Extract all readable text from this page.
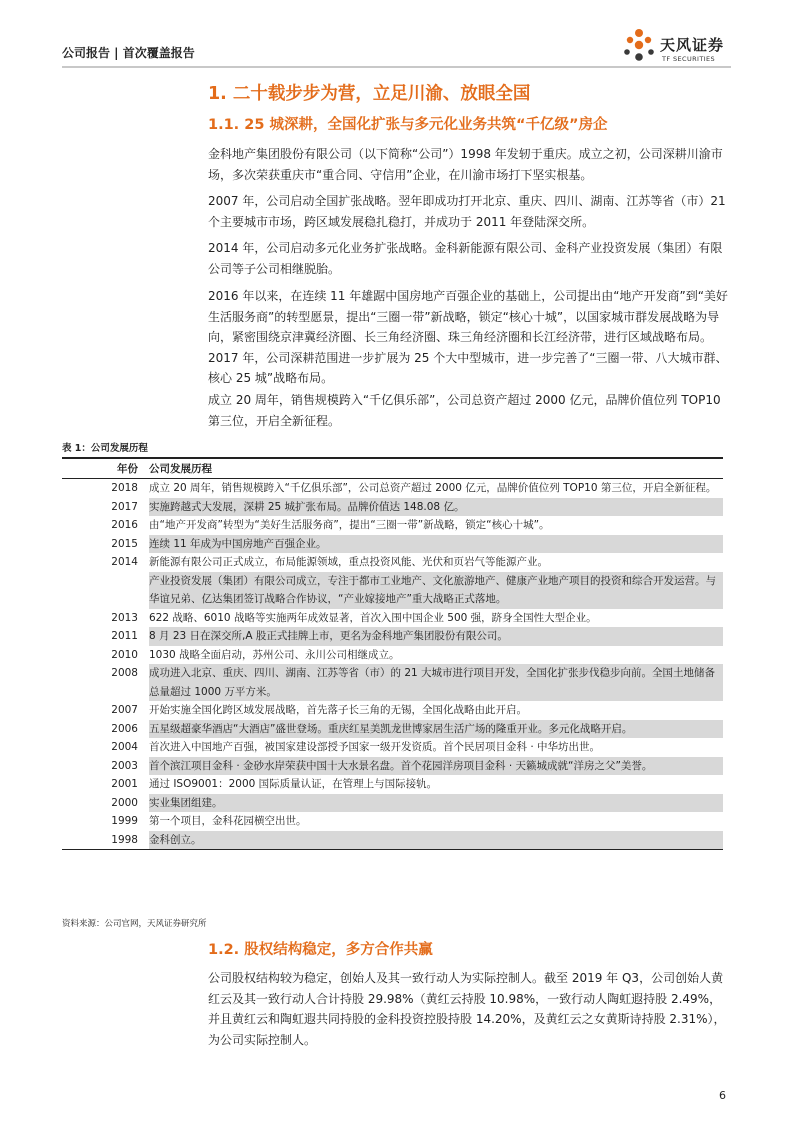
公司报告 | 首次覆盖报告	天风证券
TF SECURITIES
1. 二十载步步为营，立足川渝、放眼全国
1.1. 25 城深耕，全国化扩张与多元化业务共筑“千亿级”房企

金科地产集团股份有限公司（以下简称“公司”）1998 年发轫于重庆。成立之初，公司深耕川渝市场，多次荣获重庆市“重合同、守信用”企业，在川渝市场打下坚实根基。

2007 年，公司启动全国扩张战略。翌年即成功打开北京、重庆、四川、湖南、江苏等省（市）21 个主要城市市场，跨区域发展稳扎稳打，并成功于 2011 年登陆深交所。

2014 年，公司启动多元化业务扩张战略。金科新能源有限公司、金科产业投资发展（集团）有限公司等子公司相继脱胎。

2016 年以来，在连续 11 年雄踞中国房地产百强企业的基础上，公司提出由“地产开发商”到“美好生活服务商”的转型愿景，提出“三圈一带”新战略，锁定“核心十城”，以国家城市群发展战略为导向，紧密围绕京津冀经济圈、长三角经济圈、珠三角经济圈和长江经济带，进行区域战略布局。2017 年，公司深耕范围进一步扩展为 25 个大中型城市，进一步完善了“三圈一带、八大城市群、核心 25 城”战略布局。

成立 20 周年，销售规模跨入“千亿俱乐部”，公司总资产超过 2000 亿元，品牌价值位列 TOP10 第三位，开启全新征程。

表 1：公司发展历程
年份	公司发展历程
2018	成立 20 周年，销售规模跨入“千亿俱乐部”，公司总资产超过 2000 亿元，品牌价值位列 TOP10 第三位，开启全新征程。
2017	实施跨越式大发展，深耕 25 城扩张布局。品牌价值达 148.08 亿。
2016	由“地产开发商”转型为“美好生活服务商”，提出“三圈一带”新战略，锁定“核心十城”。
2015	连续 11 年成为中国房地产百强企业。
2014	新能源有限公司正式成立，布局能源领域，重点投资风能、光伏和页岩气等能源产业。
	产业投资发展（集团）有限公司成立，专注于都市工业地产、文化旅游地产、健康产业地产项目的投资和综合开发运营。与华谊兄弟、亿达集团签订战略合作协议，“产业嫁接地产”重大战略正式落地。
2013	622 战略、6010 战略等实施两年成效显著，首次入围中国企业 500 强，跻身全国性大型企业。
2011	8 月 23 日在深交所,A 股正式挂牌上市，更名为金科地产集团股份有限公司。
2010	1030 战略全面启动，苏州公司、永川公司相继成立。
2008	成功进入北京、重庆、四川、湖南、江苏等省（市）的 21 大城市进行项目开发，全国化扩张步伐稳步向前。全国土地储备总量超过 1000 万平方米。
2007	开始实施全国化跨区域发展战略，首先落子长三角的无锡，全国化战略由此开启。
2006	五星级超豪华酒店“大酒店”盛世登场。重庆红星美凯龙世博家居生活广场的隆重开业。多元化战略开启。
2004	首次进入中国地产百强，被国家建设部授予国家一级开发资质。首个民居项目金科 · 中华坊出世。
2003	首个滨江项目金科 · 金砂水岸荣获中国十大水景名盘。首个花园洋房项目金科 · 天籁城成就“洋房之父”美誉。
2001	通过 ISO9001：2000 国际质量认证，在管理上与国际接轨。
2000	实业集团组建。
1999	第一个项目，金科花园横空出世。
1998	金科创立。
资料来源：公司官网，天风证券研究所
1.2. 股权结构稳定，多方合作共赢

公司股权结构较为稳定，创始人及其一致行动人为实际控制人。截至 2019 年 Q3，公司创始人黄红云及其一致行动人合计持股 29.98%（黄红云持股 10.98%，一致行动人陶虹遐持股 2.49%，并且黄红云和陶虹遐共同持股的金科投资控股持股 14.20%，及黄红云之女黄斯诗持股 2.31%），为公司实际控制人。

6
